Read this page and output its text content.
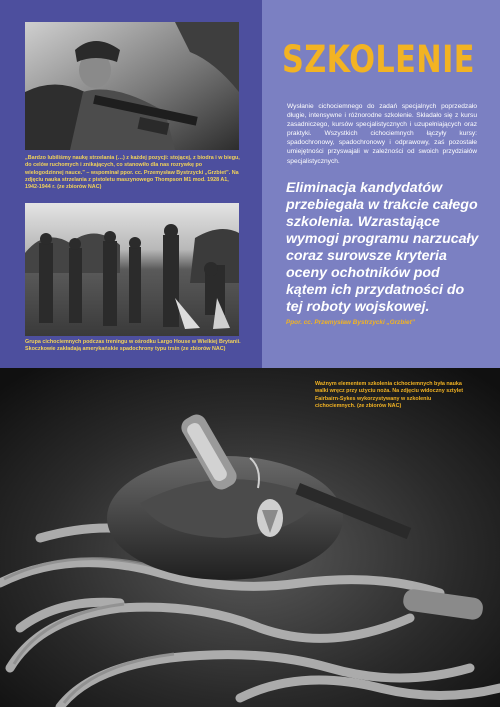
„Bardzo lubiliśmy naukę strzelania (…) z każdej pozycji: stojącej, z biodra i w biegu, do celów ruchomych i znikających, co stanowiło dla nas rozrywkę po wielogodzinnej nauce.” – wspominał ppor. cc. Przemysław Bystrzycki „Grzbiet”. Na zdjęciu nauka strzelania z pistoletu maszynowego Thompson M1 mod. 1928 A1, 1942-1944 r. (ze zbiorów NAC)
Grupa cichociemnych podczas treningu w ośrodku Largo House w Wielkiej Brytanii. Skoczkowie zakładają amerykańskie spadochrony typu trsin (ze zbiorów NAC)
SZKOLENIE
Wysłanie cichociemnego do zadań specjalnych poprzedzało długie, intensywne i różnorodne szkolenie. Składało się z kursu zasadniczego, kursów specjalistycznych i uzupełniających oraz praktyki. Wszystkich cichociemnych łączyły kursy: spadochronowy, spadochronowy i odprawowy, zaś pozostałe umiejętności przyswajali w zależności od swoich przydziałów specjalistycznych.
Eliminacja kandydatów przebiegała w trakcie całego szkolenia. Wzrastające wymogi programu narzucały coraz surowsze kryteria oceny ochotników pod kątem ich przydatności do tej roboty wojskowej.
Ppor. cc. Przemysław Bystrzycki „Grzbiet”
Ważnym elementem szkolenia cichociemnych była nauka walki wręcz przy użyciu noża. Na zdjęciu widoczny sztylet Fairbairn-Sykes wykorzystywany w szkoleniu cichociemnych. (ze zbiorów NAC)
